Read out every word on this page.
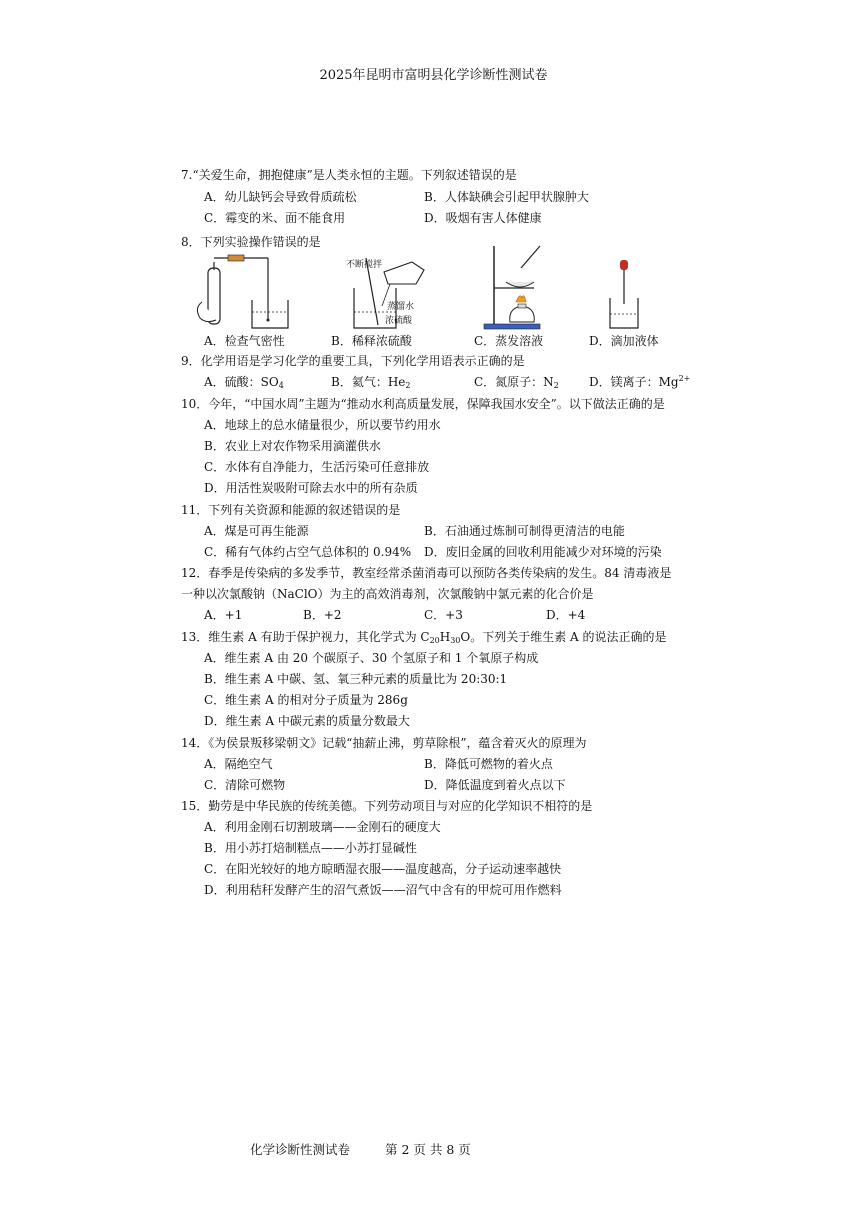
2025年昆明市富明县化学诊断性测试卷
7.“关爱生命，拥抱健康”是人类永恒的主题。下列叙述错误的是
A．幼儿缺钙会导致骨质疏松	B．人体缺碘会引起甲状腺肿大
C．霉变的米、面不能食用	D．吸烟有害人体健康
8．下列实验操作错误的是
不断搅拌
蒸馏水
浓硫酸
A．检查气密性	B．稀释浓硫酸	C．蒸发溶液	D．滴加液体
9．化学用语是学习化学的重要工具，下列化学用语表示正确的是
A．硫酸：$SO_4$	B．氦气：$He_2$	C．氮原子：$N_2$	D．镁离子：$Mg^{2+}$
10．今年，“中国水周”主题为“推动水利高质量发展，保障我国水安全”。以下做法正确的是
A．地球上的总水储量很少，所以要节约用水
B．农业上对农作物采用滴灌供水
C．水体有自净能力，生活污染可任意排放
D．用活性炭吸附可除去水中的所有杂质
11．下列有关资源和能源的叙述错误的是
A．煤是可再生能源	B．石油通过炼制可制得更清洁的电能
C．稀有气体约占空气总体积的 0.94% D．废旧金属的回收利用能减少对环境的污染
12．春季是传染病的多发季节，教室经常杀菌消毒可以预防各类传染病的发生。84 清毒液是
一种以次氯酸钠（NaClO）为主的高效消毒剂，次氯酸钠中氯元素的化合价是
A．+1	B．+2	C．+3	D．+4
13．维生素 A 有助于保护视力，其化学式为 $C_{20}H_{30}O$。下列关于维生素 A 的说法正确的是
A．维生素 A 由 20 个碳原子、30 个氢原子和 1 个氧原子构成
B．维生素 A 中碳、氢、氧三种元素的质量比为 20:30:1
C．维生素 A 的相对分子质量为 286g
D．维生素 A 中碳元素的质量分数最大
14．《为侯景叛移梁朝文》记载“抽薪止沸，剪草除根”，蕴含着灭火的原理为
A．隔绝空气	B．降低可燃物的着火点
C．清除可燃物	D．降低温度到着火点以下
15．勤劳是中华民族的传统美德。下列劳动项目与对应的化学知识不相符的是
A．利用金刚石切割玻璃——金刚石的硬度大
B．用小苏打焙制糕点——小苏打显碱性
C．在阳光较好的地方晾晒湿衣服——温度越高，分子运动速率越快
D．利用秸秆发酵产生的沼气煮饭——沼气中含有的甲烷可用作燃料
化学诊断性测试卷	第 2 页 共 8 页
